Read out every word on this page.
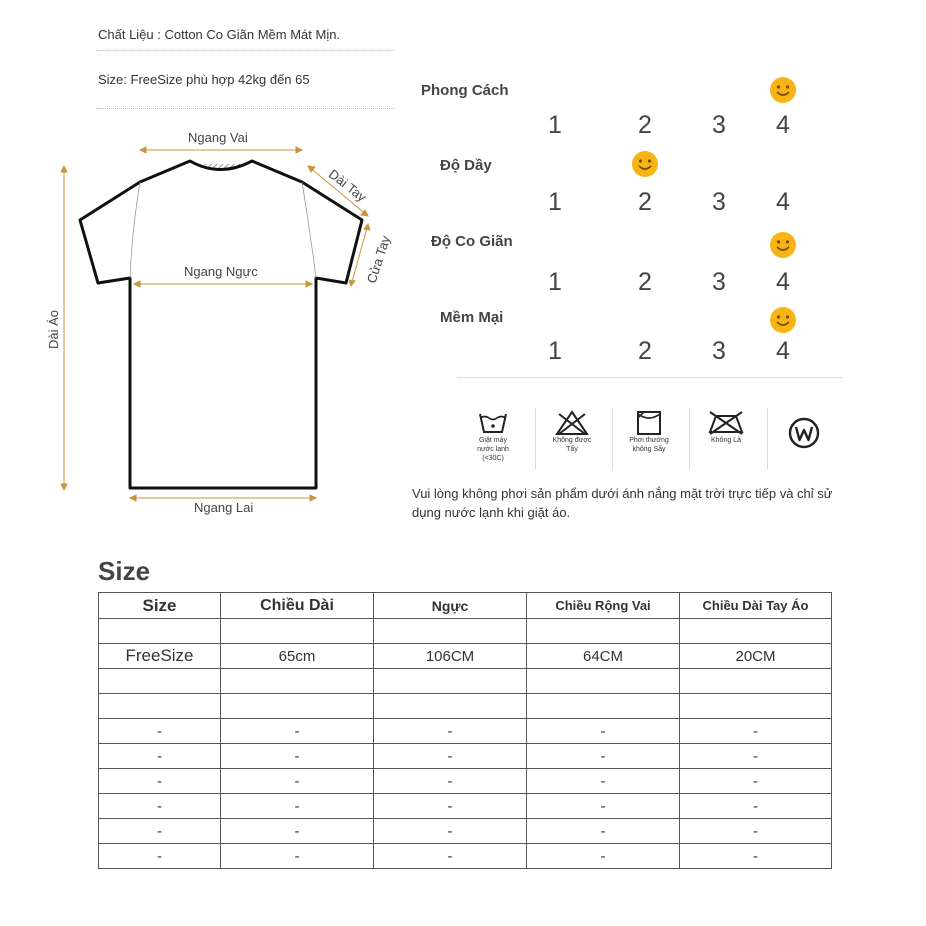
Chất Liệu : Cotton Co Giãn Mềm Mát Mịn.
Size: FreeSize phù hợp 42kg đến 65
Ngang Vai
Dài Tay
Cửa Tay
Ngang Ngực
Dài Áo
Ngang Lai
Phong Cách
1	2	3	4
Độ Dầy
1	2	3	4
Độ Co Giãn
1	2	3	4
Mềm Mại
1	2	3	4
Giặt máy
nước lạnh
(<30C)
Không được
Tẩy
Phơi thường
không Sấy
Không Là
Vui lòng không phơi sản phẩm dưới ánh nắng mặt trời trực tiếp và chỉ sử dụng nước lạnh khi giặt áo.
Size
Size	Chiều Dài	Ngực	Chiều Rộng Vai	Chiều Dài Tay Áo

FreeSize	65cm	106CM	64CM	20CM

-	-	-	-	-
-	-	-	-	-
-	-	-	-	-
-	-	-	-	-
-	-	-	-	-
-	-	-	-	-
